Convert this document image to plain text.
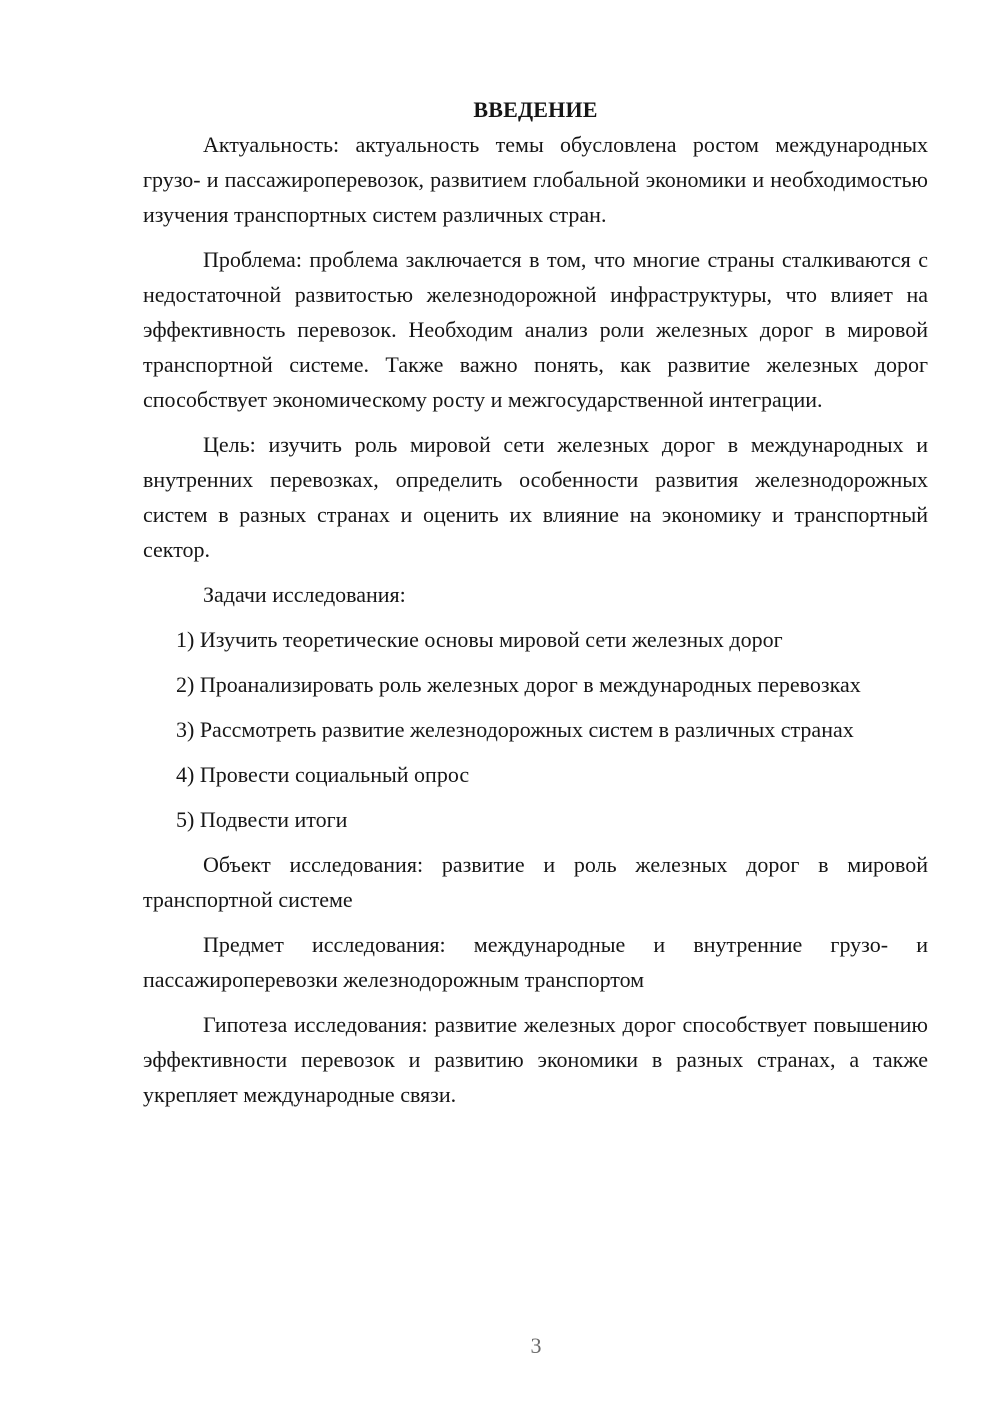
ВВЕДЕНИЕ

Актуальность: актуальность темы обусловлена ростом международных грузо- и пассажироперевозок, развитием глобальной экономики и необходимостью изучения транспортных систем различных стран.

Проблема: проблема заключается в том, что многие страны сталкиваются с недостаточной развитостью железнодорожной инфраструктуры, что влияет на эффективность перевозок. Необходим анализ роли железных дорог в мировой транспортной системе. Также важно понять, как развитие железных дорог способствует экономическому росту и межгосударственной интеграции.

Цель: изучить роль мировой сети железных дорог в международных и внутренних перевозках, определить особенности развития железнодорожных систем в разных странах и оценить их влияние на экономику и транспортный сектор.

Задачи исследования:

1) Изучить теоретические основы мировой сети железных дорог

2) Проанализировать роль железных дорог в международных перевозках

3) Рассмотреть развитие железнодорожных систем в различных странах

4) Провести социальный опрос

5) Подвести итоги

Объект исследования: развитие и роль железных дорог в мировой транспортной системе

Предмет исследования: международные и внутренние грузо- и пассажироперевозки железнодорожным транспортом

Гипотеза исследования: развитие железных дорог способствует повышению эффективности перевозок и развитию экономики в разных странах, а также укрепляет международные связи.

3
